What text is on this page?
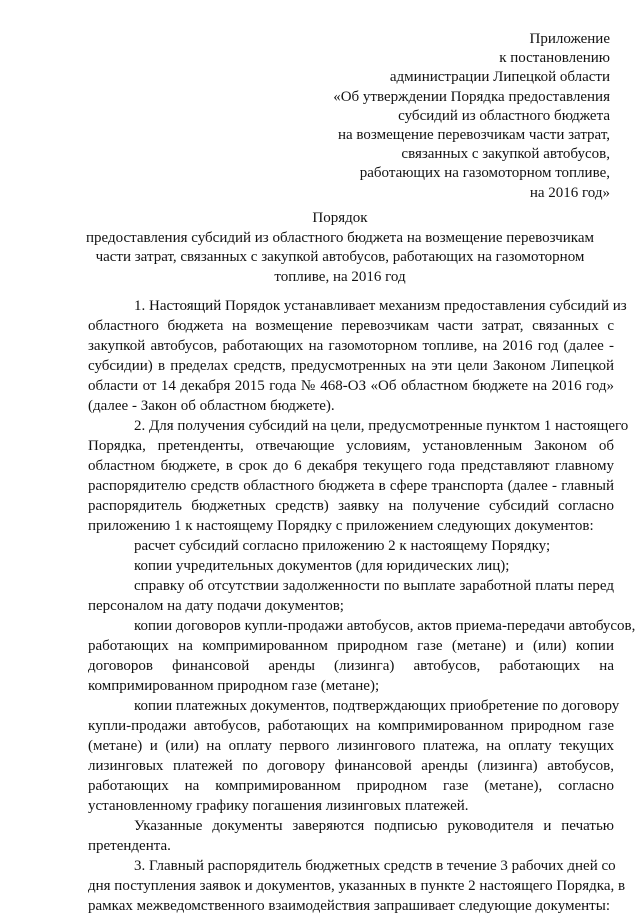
Приложение
к постановлению
администрации Липецкой области
«Об утверждении Порядка предоставления
субсидий из областного бюджета
на возмещение перевозчикам части затрат,
связанных с закупкой автобусов,
работающих на газомоторном топливе,
на 2016 год»
Порядок
предоставления субсидий из областного бюджета на возмещение перевозчикам
части затрат, связанных с закупкой автобусов, работающих на газомоторном
топливе, на 2016 год
1. Настоящий Порядок устанавливает механизм предоставления субсидий из
областного бюджета на возмещение перевозчикам части затрат, связанных с
закупкой автобусов, работающих на газомоторном топливе, на 2016 год (далее -
субсидии) в пределах средств, предусмотренных на эти цели Законом Липецкой
области от 14 декабря 2015 года № 468-ОЗ «Об областном бюджете на 2016 год»
(далее - Закон об областном бюджете).
2. Для получения субсидий на цели, предусмотренные пунктом 1 настоящего
Порядка, претенденты, отвечающие условиям, установленным Законом об
областном бюджете, в срок до 6 декабря текущего года представляют главному
распорядителю средств областного бюджета в сфере транспорта (далее - главный
распорядитель бюджетных средств) заявку на получение субсидий согласно
приложению 1 к настоящему Порядку с приложением следующих документов:
расчет субсидий согласно приложению 2 к настоящему Порядку;
копии учредительных документов (для юридических лиц);
справку об отсутствии задолженности по выплате заработной платы перед
персоналом на дату подачи документов;
копии договоров купли-продажи автобусов, актов приема-передачи автобусов,
работающих на компримированном природном газе (метане) и (или) копии
договоров финансовой аренды (лизинга) автобусов, работающих на
компримированном природном газе (метане);
копии платежных документов, подтверждающих приобретение по договору
купли-продажи автобусов, работающих на компримированном природном газе
(метане) и (или) на оплату первого лизингового платежа, на оплату текущих
лизинговых платежей по договору финансовой аренды (лизинга) автобусов,
работающих на компримированном природном газе (метане), согласно
установленному графику погашения лизинговых платежей.
Указанные документы заверяются подписью руководителя и печатью
претендента.
3. Главный распорядитель бюджетных средств в течение 3 рабочих дней со
дня поступления заявок и документов, указанных в пункте 2 настоящего Порядка, в
рамках межведомственного взаимодействия запрашивает следующие документы:
